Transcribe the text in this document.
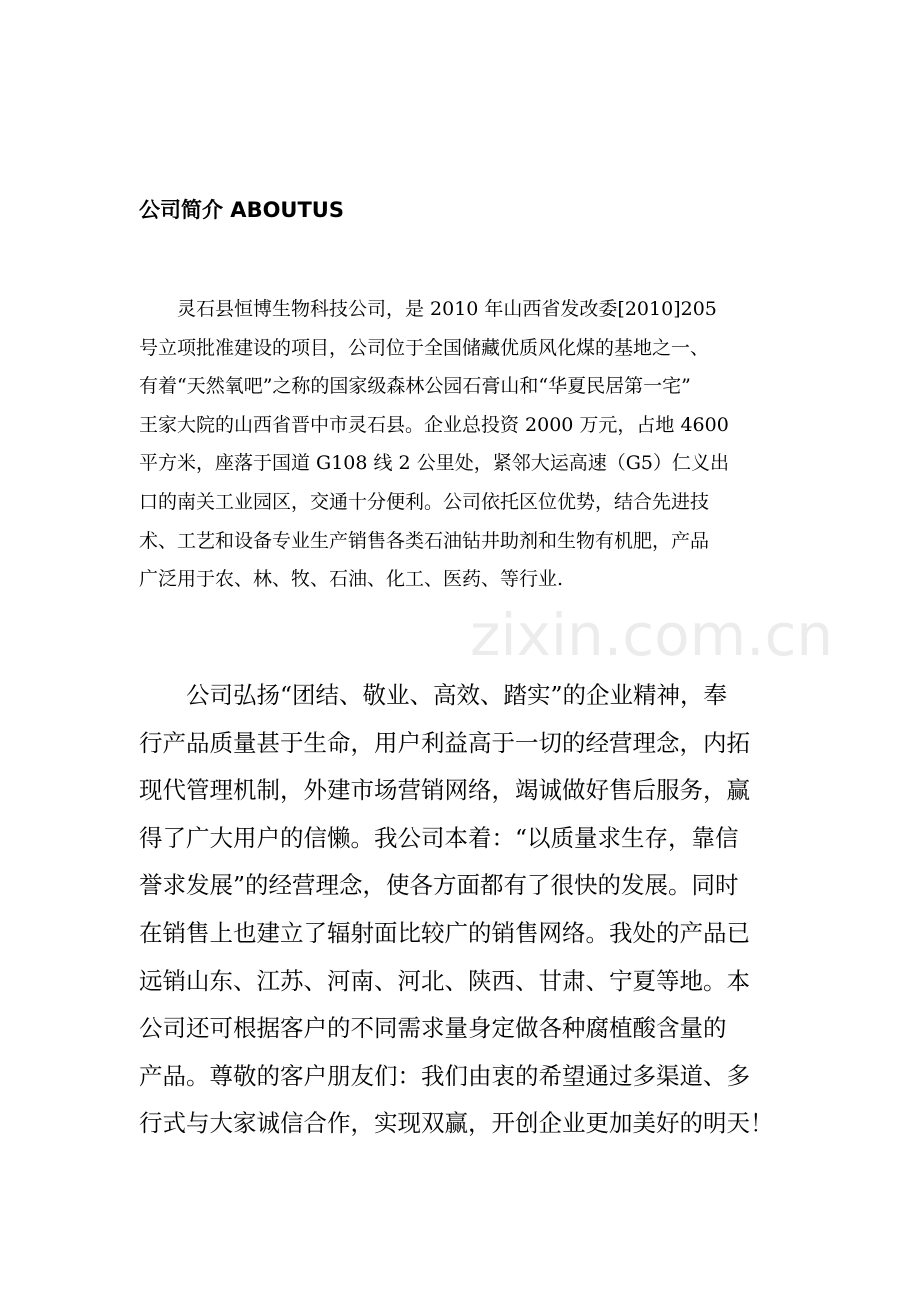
公司简介 ABOUTUS
　　灵石县恒博生物科技公司，是 2010 年山西省发改委[2010]205
号立项批准建设的项目，公司位于全国储藏优质风化煤的基地之一、
有着“天然氧吧”之称的国家级森林公园石膏山和“华夏民居第一宅”
王家大院的山西省晋中市灵石县。企业总投资 2000 万元，占地 4600
平方米，座落于国道 G108 线 2 公里处，紧邻大运高速（G5）仁义出
口的南关工业园区，交通十分便利。公司依托区位优势，结合先进技
术、工艺和设备专业生产销售各类石油钻井助剂和生物有机肥，产品
广泛用于农、林、牧、石油、化工、医药、等行业.
　　公司弘扬“团结、敬业、高效、踏实”的企业精神，奉
行产品质量甚于生命，用户利益高于一切的经营理念，内拓
现代管理机制，外建市场营销网络，竭诚做好售后服务，赢
得了广大用户的信懒。我公司本着：“以质量求生存，靠信
誉求发展”的经营理念，使各方面都有了很快的发展。同时
在销售上也建立了辐射面比较广的销售网络。我处的产品已
远销山东、江苏、河南、河北、陕西、甘肃、宁夏等地。本
公司还可根据客户的不同需求量身定做各种腐植酸含量的
产品。尊敬的客户朋友们：我们由衷的希望通过多渠道、多
行式与大家诚信合作，实现双赢，开创企业更加美好的明天！
zixin.com.cn
